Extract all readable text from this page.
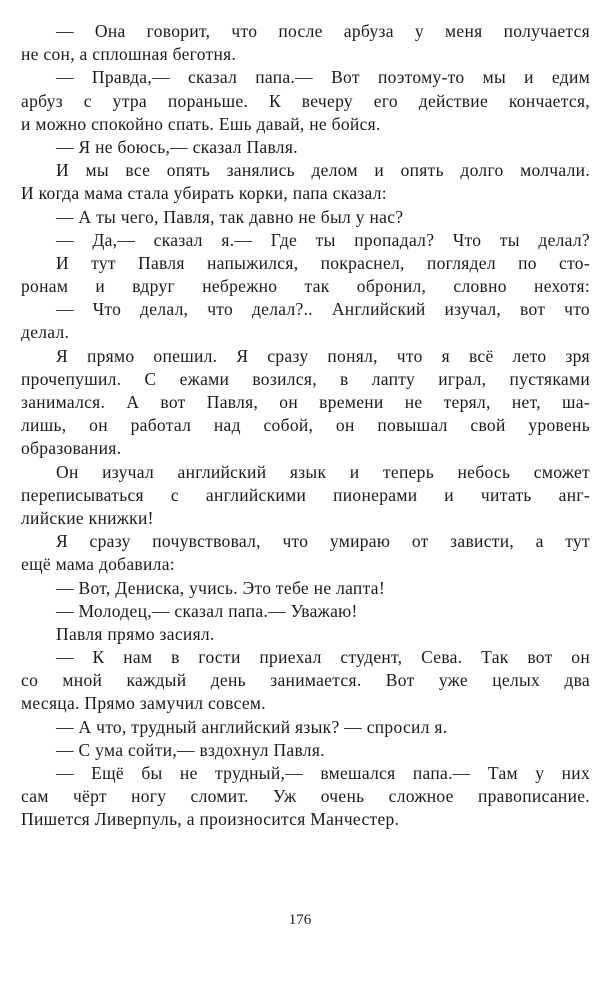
— Она говорит, что после арбуза у меня получается
не сон, а сплошная беготня.
— Правда,— сказал папа.— Вот поэтому-то мы и едим
арбуз с утра пораньше. К вечеру его действие кончается,
и можно спокойно спать. Ешь давай, не бойся.
— Я не боюсь,— сказал Павля.
И мы все опять занялись делом и опять долго молчали.
И когда мама стала убирать корки, папа сказал:
— А ты чего, Павля, так давно не был у нас?
— Да,— сказал я.— Где ты пропадал? Что ты делал?
И тут Павля напыжился, покраснел, поглядел по сто-
ронам и вдруг небрежно так обронил, словно нехотя:
— Что делал, что делал?.. Английский изучал, вот что
делал.
Я прямо опешил. Я сразу понял, что я всё лето зря
прочепушил. С ежами возился, в лапту играл, пустяками
занимался. А вот Павля, он времени не терял, нет, ша-
лишь, он работал над собой, он повышал свой уровень
образования.
Он изучал английский язык и теперь небось сможет
переписываться с английскими пионерами и читать анг-
лийские книжки!
Я сразу почувствовал, что умираю от зависти, а тут
ещё мама добавила:
— Вот, Дениска, учись. Это тебе не лапта!
— Молодец,— сказал папа.— Уважаю!
Павля прямо засиял.
— К нам в гости приехал студент, Сева. Так вот он
со мной каждый день занимается. Вот уже целых два
месяца. Прямо замучил совсем.
— А что, трудный английский язык? — спросил я.
— С ума сойти,— вздохнул Павля.
— Ещё бы не трудный,— вмешался папа.— Там у них
сам чёрт ногу сломит. Уж очень сложное правописание.
Пишется Ливерпуль, а произносится Манчестер.
176
